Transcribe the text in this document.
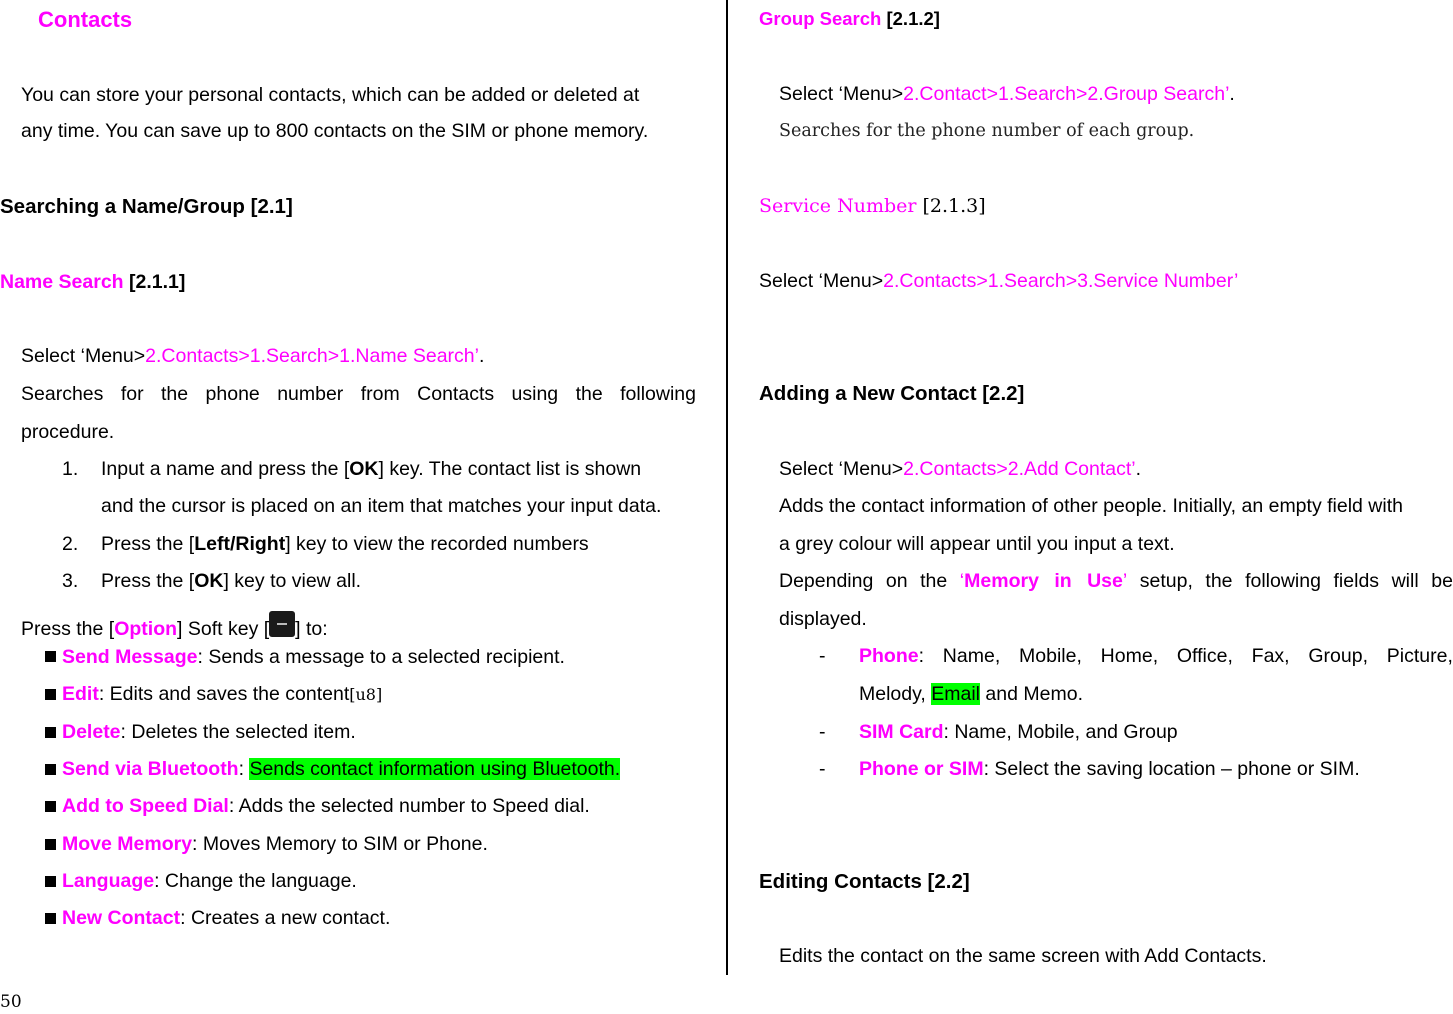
Contacts
You can store your personal contacts, which can be added or deleted at
any time. You can save up to 800 contacts on the SIM or phone memory.
Searching a Name/Group [2.1]
Name Search [2.1.1]
Select ‘Menu>2.Contacts>1.Search>1.Name Search’.
Searches for the phone number from Contacts using the following
procedure.
1. Input a name and press the [OK] key. The contact list is shown
and the cursor is placed on an item that matches your input data.
2. Press the [Left/Right] key to view the recorded numbers
3. Press the [OK] key to view all.
Press the [Option] Soft key [ ] to:
Send Message: Sends a message to a selected recipient.
Edit: Edits and saves the content[u8]
Delete: Deletes the selected item.
Send via Bluetooth: Sends contact information using Bluetooth.
Add to Speed Dial: Adds the selected number to Speed dial.
Move Memory: Moves Memory to SIM or Phone.
Language: Change the language.
New Contact: Creates a new contact.
50
Group Search [2.1.2]
Select ‘Menu>2.Contact>1.Search>2.Group Search’.
Searches for the phone number of each group.
Service Number [2.1.3]
Select ‘Menu>2.Contacts>1.Search>3.Service Number’
Adding a New Contact [2.2]
Select ‘Menu>2.Contacts>2.Add Contact’.
Adds the contact information of other people. Initially, an empty field with
a grey colour will appear until you input a text.
Depending on the ‘Memory in Use’ setup, the following fields will be
displayed.
- Phone: Name, Mobile, Home, Office, Fax, Group, Picture,
Melody, Email and Memo.
- SIM Card: Name, Mobile, and Group
- Phone or SIM: Select the saving location – phone or SIM.
Editing Contacts [2.2]
Edits the contact on the same screen with Add Contacts.
